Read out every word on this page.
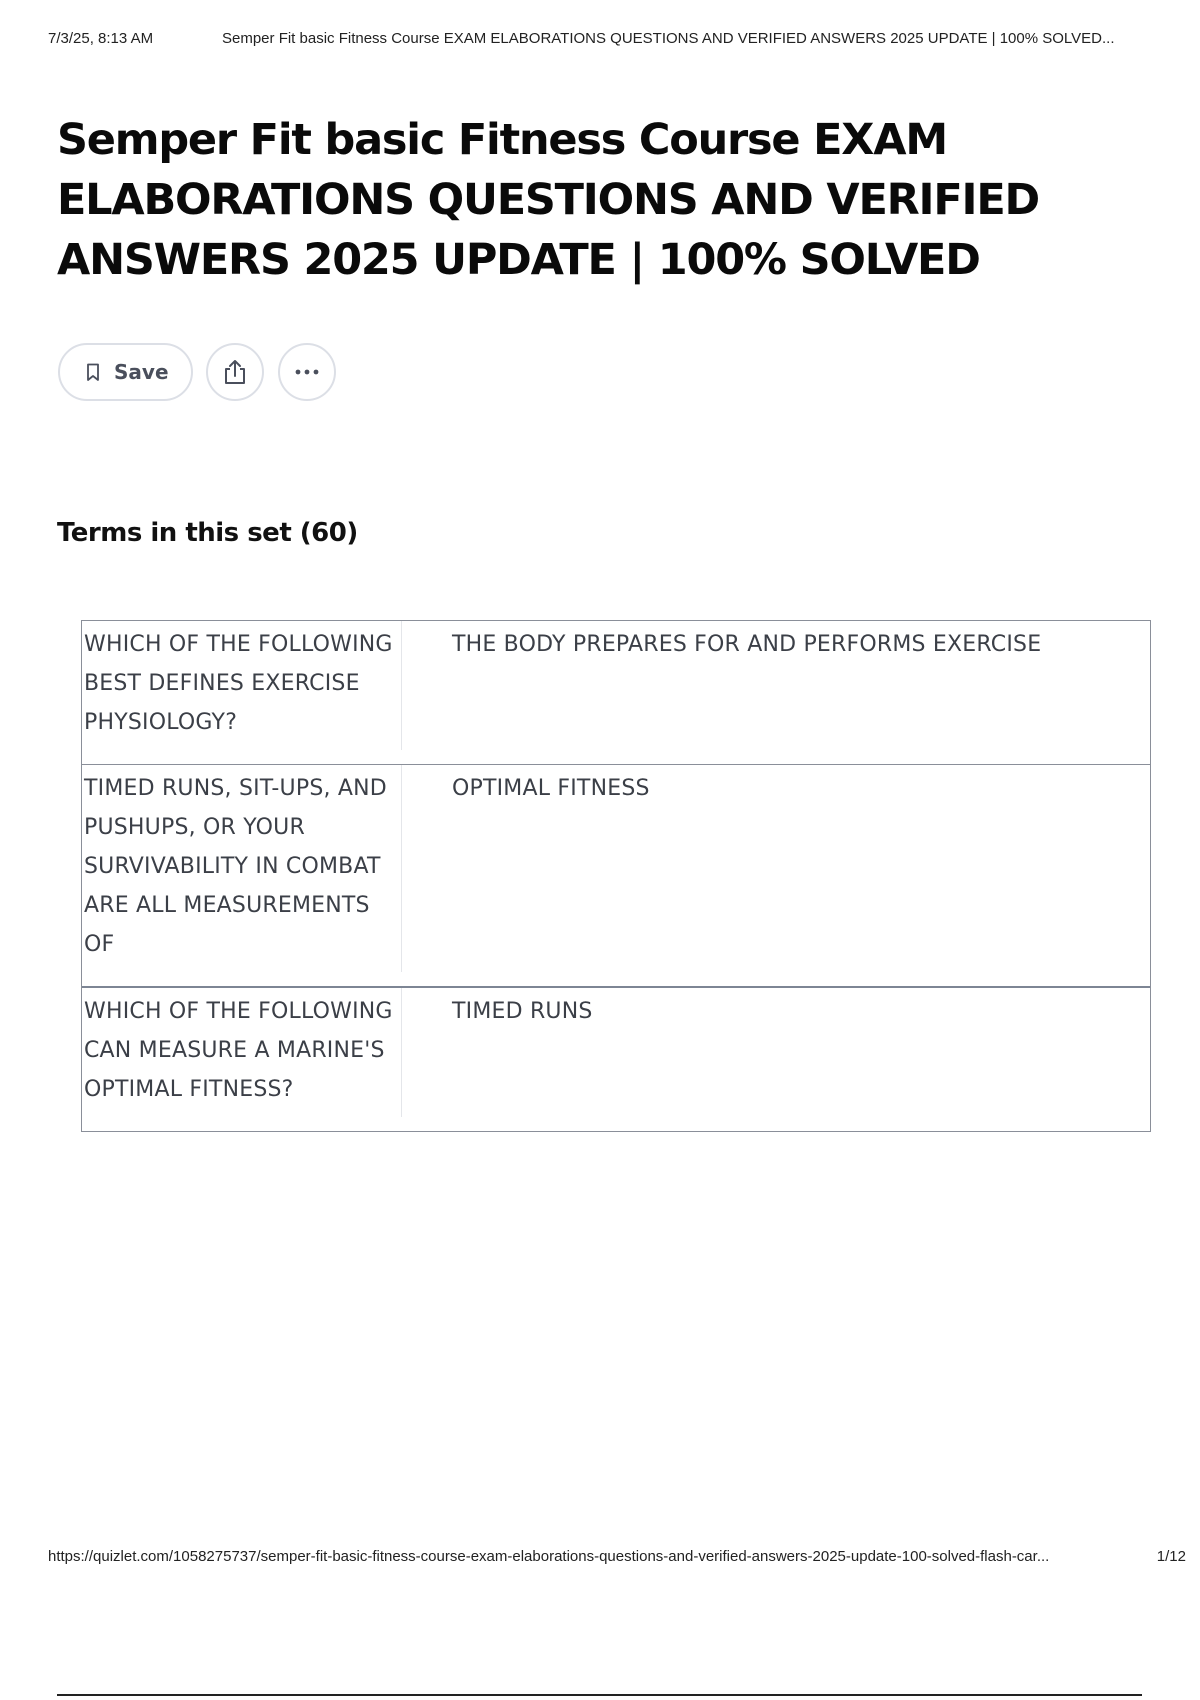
7/3/25, 8:13 AM	Semper Fit basic Fitness Course EXAM ELABORATIONS QUESTIONS AND VERIFIED ANSWERS 2025 UPDATE | 100% SOLVED...
Semper Fit basic Fitness Course EXAM ELABORATIONS QUESTIONS AND VERIFIED ANSWERS 2025 UPDATE | 100% SOLVED
Save
Terms in this set (60)
WHICH OF THE FOLLOWING BEST DEFINES EXERCISE PHYSIOLOGY?
THE BODY PREPARES FOR AND PERFORMS EXERCISE
TIMED RUNS, SIT-UPS, AND PUSHUPS, OR YOUR SURVIVABILITY IN COMBAT ARE ALL MEASUREMENTS OF
OPTIMAL FITNESS
WHICH OF THE FOLLOWING CAN MEASURE A MARINE'S OPTIMAL FITNESS?
TIMED RUNS
https://quizlet.com/1058275737/semper-fit-basic-fitness-course-exam-elaborations-questions-and-verified-answers-2025-update-100-solved-flash-car...	1/12
